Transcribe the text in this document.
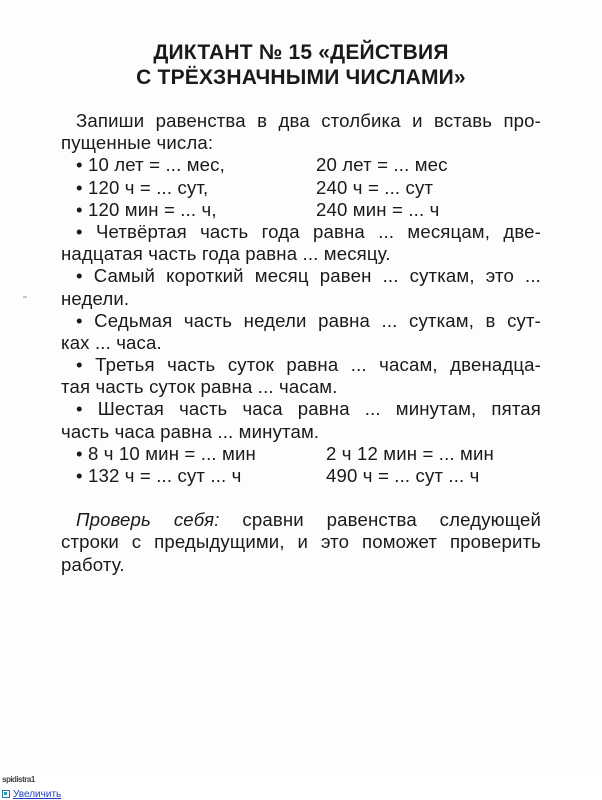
ДИКТАНТ № 15 «ДЕЙСТВИЯ
С ТРЁХЗНАЧНЫМИ ЧИСЛАМИ»
Запиши равенства в два столбика и вставь про-
пущенные числа:
• 10 лет = ... мес,	20 лет = ... мес
• 120 ч = ... сут,	240 ч = ... сут
• 120 мин = ... ч,	240 мин = ... ч
• Четвёртая часть года равна ... месяцам, две-
надцатая часть года равна ... месяцу.
• Самый короткий месяц равен ... суткам, это ...
недели.
• Седьмая часть недели равна ... суткам, в сут-
ках ... часа.
• Третья часть суток равна ... часам, двенадца-
тая часть суток равна ... часам.
• Шестая часть часа равна ... минутам, пятая
часть часа равна ... минутам.
• 8 ч 10 мин = ... мин	2 ч 12 мин = ... мин
• 132 ч = ... сут ... ч	490 ч = ... сут ... ч
Проверь себя: сравни равенства следующей
строки с предыдущими, и это поможет проверить
работу.
spidistra1
Увеличить
